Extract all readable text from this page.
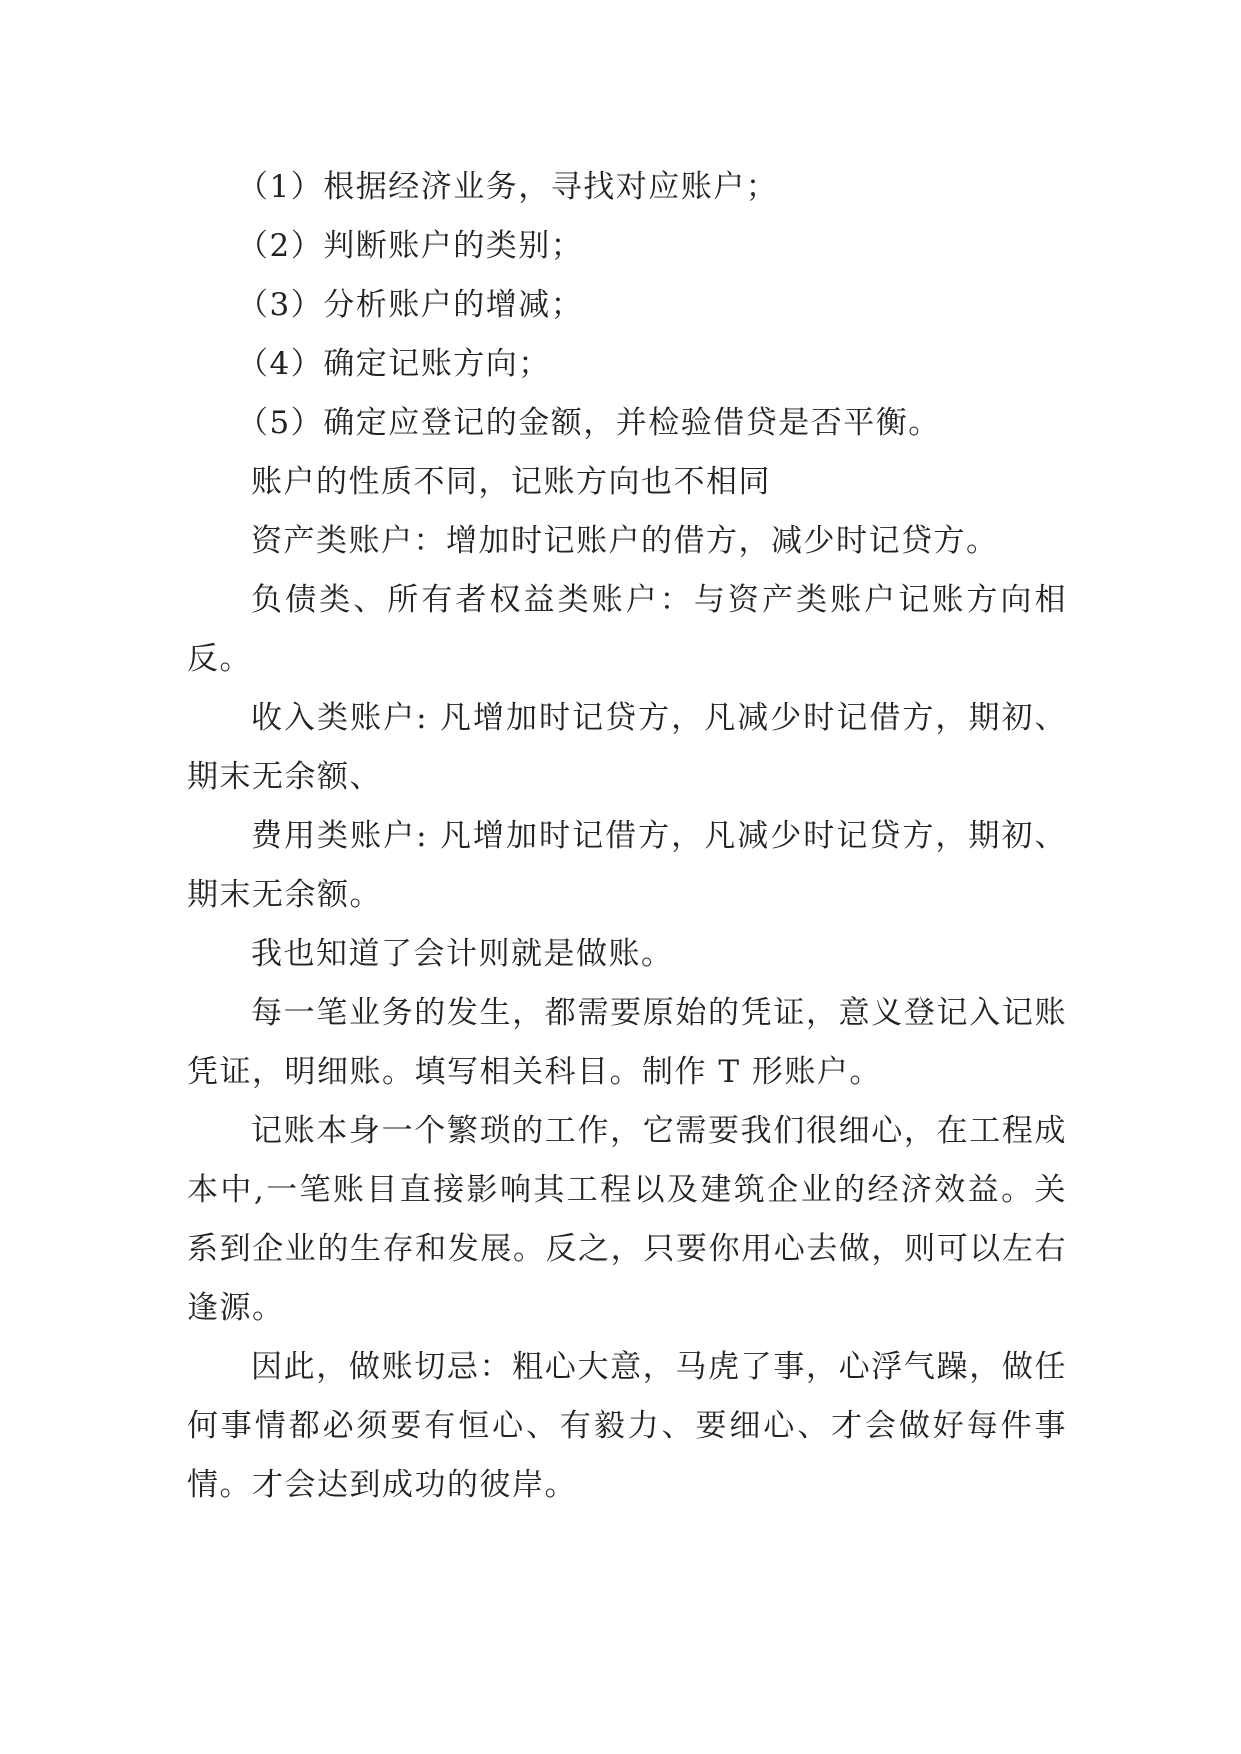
（1）根据经济业务，寻找对应账户；

（2）判断账户的类别；

（3）分析账户的增减；

（4）确定记账方向；

（5）确定应登记的金额，并检验借贷是否平衡。

账户的性质不同，记账方向也不相同

资产类账户：增加时记账户的借方，减少时记贷方。

负债类、所有者权益类账户：与资产类账户记账方向相反。

收入类账户: 凡增加时记贷方，凡减少时记借方，期初、期末无余额、

费用类账户: 凡增加时记借方，凡减少时记贷方，期初、期末无余额。

我也知道了会计则就是做账。

每一笔业务的发生，都需要原始的凭证，意义登记入记账凭证，明细账。填写相关科目。制作 T 形账户。

记账本身一个繁琐的工作，它需要我们很细心，在工程成本中,一笔账目直接影响其工程以及建筑企业的经济效益。关系到企业的生存和发展。反之，只要你用心去做，则可以左右逢源。

因此，做账切忌：粗心大意，马虎了事，心浮气躁，做任何事情都必须要有恒心、有毅力、要细心、才会做好每件事情。才会达到成功的彼岸。
